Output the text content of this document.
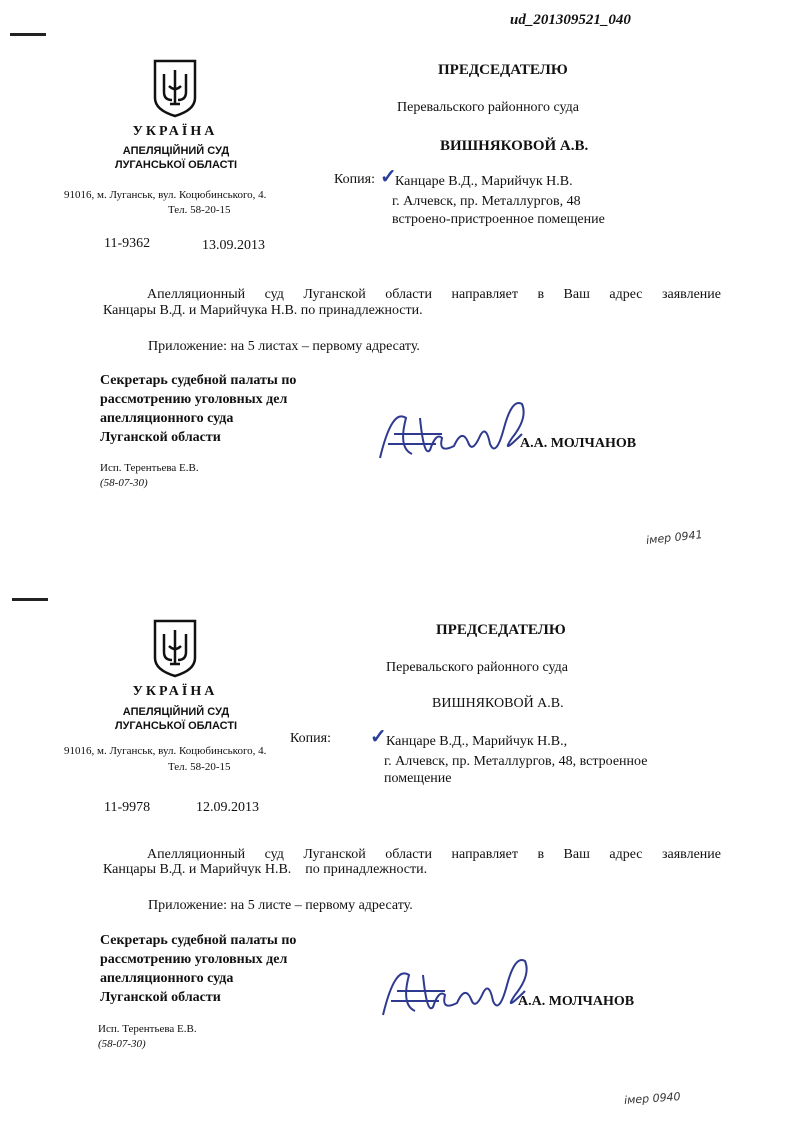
ud_201309521_040
УКРАЇНА
АПЕЛЯЦІЙНИЙ СУД
ЛУГАНСЬКОЇ ОБЛАСТІ
91016, м. Луганськ, вул. Коцюбинського, 4.
Тел. 58-20-15
11-9362	13.09.2013
ПРЕДСЕДАТЕЛЮ
Перевальского районного суда
ВИШНЯКОВОЙ А.В.
Копия: ✓
Канцаре В.Д., Марийчук Н.В.
г. Алчевск, пр. Металлургов, 48
встроено-пристроенное помещение
Апелляционный суд Луганской области направляет в Ваш адрес заявление
Канцары В.Д. и Марийчука Н.В. по принадлежности.
Приложение: на 5 листах – первому адресату.
Секретарь судебной палаты по
рассмотрению уголовных дел
апелляционного суда
Луганской области	А.А. МОЛЧАНОВ
Исп. Терентьева Е.В.
(58-07-30)
імер 0941
УКРАЇНА
АПЕЛЯЦІЙНИЙ СУД
ЛУГАНСЬКОЇ ОБЛАСТІ
91016, м. Луганськ, вул. Коцюбинського, 4.
Тел. 58-20-15
11-9978	12.09.2013
ПРЕДСЕДАТЕЛЮ
Перевальского районного суда
ВИШНЯКОВОЙ А.В.
Копия: ✓ Канцаре В.Д., Марийчук Н.В.,
г. Алчевск, пр. Металлургов, 48, встроенное
помещение
Апелляционный суд Луганской области направляет в Ваш адрес заявление
Канцары В.Д. и Марийчук Н.В.    по принадлежности.
Приложение: на 5 листе – первому адресату.
Секретарь судебной палаты по
рассмотрению уголовных дел
апелляционного суда
Луганской области	А.А. МОЛЧАНОВ
Исп. Терентьева Е.В.
(58-07-30)
імер 0940
